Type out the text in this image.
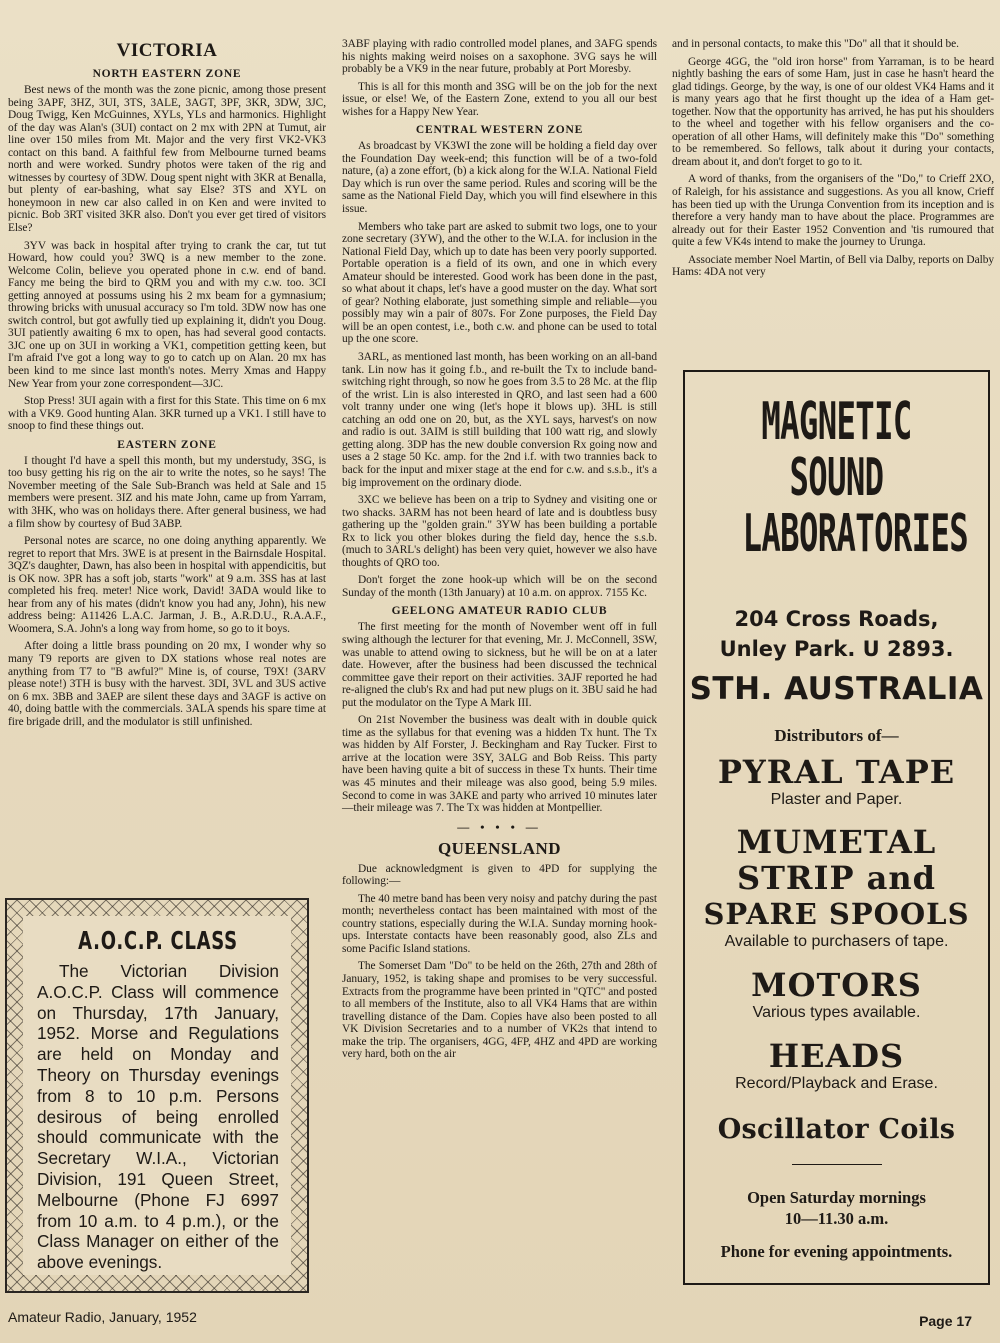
VICTORIA
NORTH EASTERN ZONE

Best news of the month was the zone picnic, among those present being 3APF, 3HZ, 3UI, 3TS, 3ALE, 3AGT, 3PF, 3KR, 3DW, 3JC, Doug Twigg, Ken McGuinnes, XYLs, YLs and harmonics. Highlight of the day was Alan's (3UI) contact on 2 mx with 2PN at Tumut, air line over 150 miles from Mt. Major and the very first VK2-VK3 contact on this band. A faithful few from Melbourne turned beams north and were worked. Sundry photos were taken of the rig and witnesses by courtesy of 3DW. Doug spent night with 3KR at Benalla, but plenty of ear-bashing, what say Else? 3TS and XYL on honeymoon in new car also called in on Ken and were invited to picnic. Bob 3RT visited 3KR also. Don't you ever get tired of visitors Else?

3YV was back in hospital after trying to crank the car, tut tut Howard, how could you? 3WQ is a new member to the zone. Welcome Colin, believe you operated phone in c.w. end of band. Fancy me being the bird to QRM you and with my c.w. too. 3CI getting annoyed at possums using his 2 mx beam for a gymnasium; throwing bricks with unusual accuracy so I'm told. 3DW now has one switch control, but got awfully tied up explaining it, didn't you Doug. 3UI patiently awaiting 6 mx to open, has had several good contacts. 3JC one up on 3UI in working a VK1, competition getting keen, but I'm afraid I've got a long way to go to catch up on Alan. 20 mx has been kind to me since last month's notes. Merry Xmas and Happy New Year from your zone correspondent—3JC.

Stop Press! 3UI again with a first for this State. This time on 6 mx with a VK9. Good hunting Alan. 3KR turned up a VK1. I still have to snoop to find these things out.

EASTERN ZONE

I thought I'd have a spell this month, but my understudy, 3SG, is too busy getting his rig on the air to write the notes, so he says! The November meeting of the Sale Sub-Branch was held at Sale and 15 members were present. 3IZ and his mate John, came up from Yarram, with 3HK, who was on holidays there. After general business, we had a film show by courtesy of Bud 3ABP.

Personal notes are scarce, no one doing anything apparently. We regret to report that Mrs. 3WE is at present in the Bairnsdale Hospital. 3QZ's daughter, Dawn, has also been in hospital with appendicitis, but is OK now. 3PR has a soft job, starts "work" at 9 a.m. 3SS has at last completed his freq. meter! Nice work, David! 3ADA would like to hear from any of his mates (didn't know you had any, John), his new address being: A11426 L.A.C. Jarman, J. B., A.R.D.U., R.A.A.F., Woomera, S.A. John's a long way from home, so go to it boys.

After doing a little brass pounding on 20 mx, I wonder why so many T9 reports are given to DX stations whose real notes are anything from T7 to "B awful?" Mine is, of course, T9X! (3ARV please note!) 3TH is busy with the harvest. 3DI, 3VL and 3US active on 6 mx. 3BB and 3AEP are silent these days and 3AGF is active on 40, doing battle with the commercials. 3ALA spends his spare time at fire brigade drill, and the modulator is still unfinished.

A.O.C.P. CLASS

The Victorian Division A.O.C.P. Class will commence on Thursday, 17th January, 1952. Morse and Regulations are held on Monday and Theory on Thursday evenings from 8 to 10 p.m. Persons desirous of being enrolled should communicate with the Secretary W.I.A., Victorian Division, 191 Queen Street, Melbourne (Phone FJ 6997 from 10 a.m. to 4 p.m.), or the Class Manager on either of the above evenings.

3ABF playing with radio controlled model planes, and 3AFG spends his nights making weird noises on a saxophone. 3VG says he will probably be a VK9 in the near future, probably at Port Moresby.

This is all for this month and 3SG will be on the job for the next issue, or else! We, of the Eastern Zone, extend to you all our best wishes for a Happy New Year.

CENTRAL WESTERN ZONE

As broadcast by VK3WI the zone will be holding a field day over the Foundation Day week-end; this function will be of a two-fold nature, (a) a zone effort, (b) a kick along for the W.I.A. National Field Day which is run over the same period. Rules and scoring will be the same as the National Field Day, which you will find elsewhere in this issue.

Members who take part are asked to submit two logs, one to your zone secretary (3YW), and the other to the W.I.A. for inclusion in the National Field Day, which up to date has been very poorly supported. Portable operation is a field of its own, and one in which every Amateur should be interested. Good work has been done in the past, so what about it chaps, let's have a good muster on the day. What sort of gear? Nothing elaborate, just something simple and reliable—you possibly may win a pair of 807s. For Zone purposes, the Field Day will be an open contest, i.e., both c.w. and phone can be used to total up the one score.

3ARL, as mentioned last month, has been working on an all-band tank. Lin now has it going f.b., and re-built the Tx to include band-switching right through, so now he goes from 3.5 to 28 Mc. at the flip of the wrist. Lin is also interested in QRO, and last seen had a 600 volt tranny under one wing (let's hope it blows up). 3HL is still catching an odd one on 20, but, as the XYL says, harvest's on now and radio is out. 3AIM is still building that 100 watt rig, and slowly getting along. 3DP has the new double conversion Rx going now and uses a 2 stage 50 Kc. amp. for the 2nd i.f. with two trannies back to back for the input and mixer stage at the end for c.w. and s.s.b., it's a big improvement on the ordinary diode.

3XC we believe has been on a trip to Sydney and visiting one or two shacks. 3ARM has not been heard of late and is doubtless busy gathering up the "golden grain." 3YW has been building a portable Rx to lick you other blokes during the field day, hence the s.s.b. (much to 3ARL's delight) has been very quiet, however we also have thoughts of QRO too.

Don't forget the zone hook-up which will be on the second Sunday of the month (13th January) at 10 a.m. on approx. 7155 Kc.

GEELONG AMATEUR RADIO CLUB

The first meeting for the month of November went off in full swing although the lecturer for that evening, Mr. J. McConnell, 3SW, was unable to attend owing to sickness, but he will be on at a later date. However, after the business had been discussed the technical committee gave their report on their activities. 3AJF reported he had re-aligned the club's Rx and had put new plugs on it. 3BU said he had put the modulator on the Type A Mark III.

On 21st November the business was dealt with in double quick time as the syllabus for that evening was a hidden Tx hunt. The Tx was hidden by Alf Forster, J. Beckingham and Ray Tucker. First to arrive at the location were 3SY, 3ALG and Bob Reiss. This party have been having quite a bit of success in these Tx hunts. Their time was 45 minutes and their mileage was also good, being 5.9 miles. Second to come in was 3AKE and party who arrived 10 minutes later—their mileage was 7. The Tx was hidden at Montpellier.

— • • • —
QUEENSLAND

Due acknowledgment is given to 4PD for supplying the following:—

The 40 metre band has been very noisy and patchy during the past month; nevertheless contact has been maintained with most of the country stations, especially during the W.I.A. Sunday morning hook-ups. Interstate contacts have been reasonably good, also ZLs and some Pacific Island stations.

The Somerset Dam "Do" to be held on the 26th, 27th and 28th of January, 1952, is taking shape and promises to be very successful. Extracts from the programme have been printed in "QTC" and posted to all members of the Institute, also to all VK4 Hams that are within travelling distance of the Dam. Copies have also been posted to all VK Division Secretaries and to a number of VK2s that intend to make the trip. The organisers, 4GG, 4FP, 4HZ and 4PD are working very hard, both on the air

and in personal contacts, to make this "Do" all that it should be.

George 4GG, the "old iron horse" from Yarraman, is to be heard nightly bashing the ears of some Ham, just in case he hasn't heard the glad tidings. George, by the way, is one of our oldest VK4 Hams and it is many years ago that he first thought up the idea of a Ham get-together. Now that the opportunity has arrived, he has put his shoulders to the wheel and together with his fellow organisers and the co-operation of all other Hams, will definitely make this "Do" something to be remembered. So fellows, talk about it during your contacts, dream about it, and don't forget to go to it.

A word of thanks, from the organisers of the "Do," to Crieff 2XO, of Raleigh, for his assistance and suggestions. As you all know, Crieff has been tied up with the Urunga Convention from its inception and is therefore a very handy man to have about the place. Programmes are already out for their Easter 1952 Convention and 'tis rumoured that quite a few VK4s intend to make the journey to Urunga.

Associate member Noel Martin, of Bell via Dalby, reports on Dalby Hams: 4DA not very

MAGNETIC

SOUND

LABORATORIES

204 Cross Roads,

Unley Park. U 2893.

STH. AUSTRALIA

Distributors of—

PYRAL TAPE

Plaster and Paper.

MUMETAL

STRIP and

SPARE SPOOLS

Available to purchasers of tape.

MOTORS

Various types available.

HEADS

Record/Playback and Erase.

Oscillator Coils

Open Saturday mornings

10—11.30 a.m.

Phone for evening appointments.

Amateur Radio, January, 1952	Page 17
